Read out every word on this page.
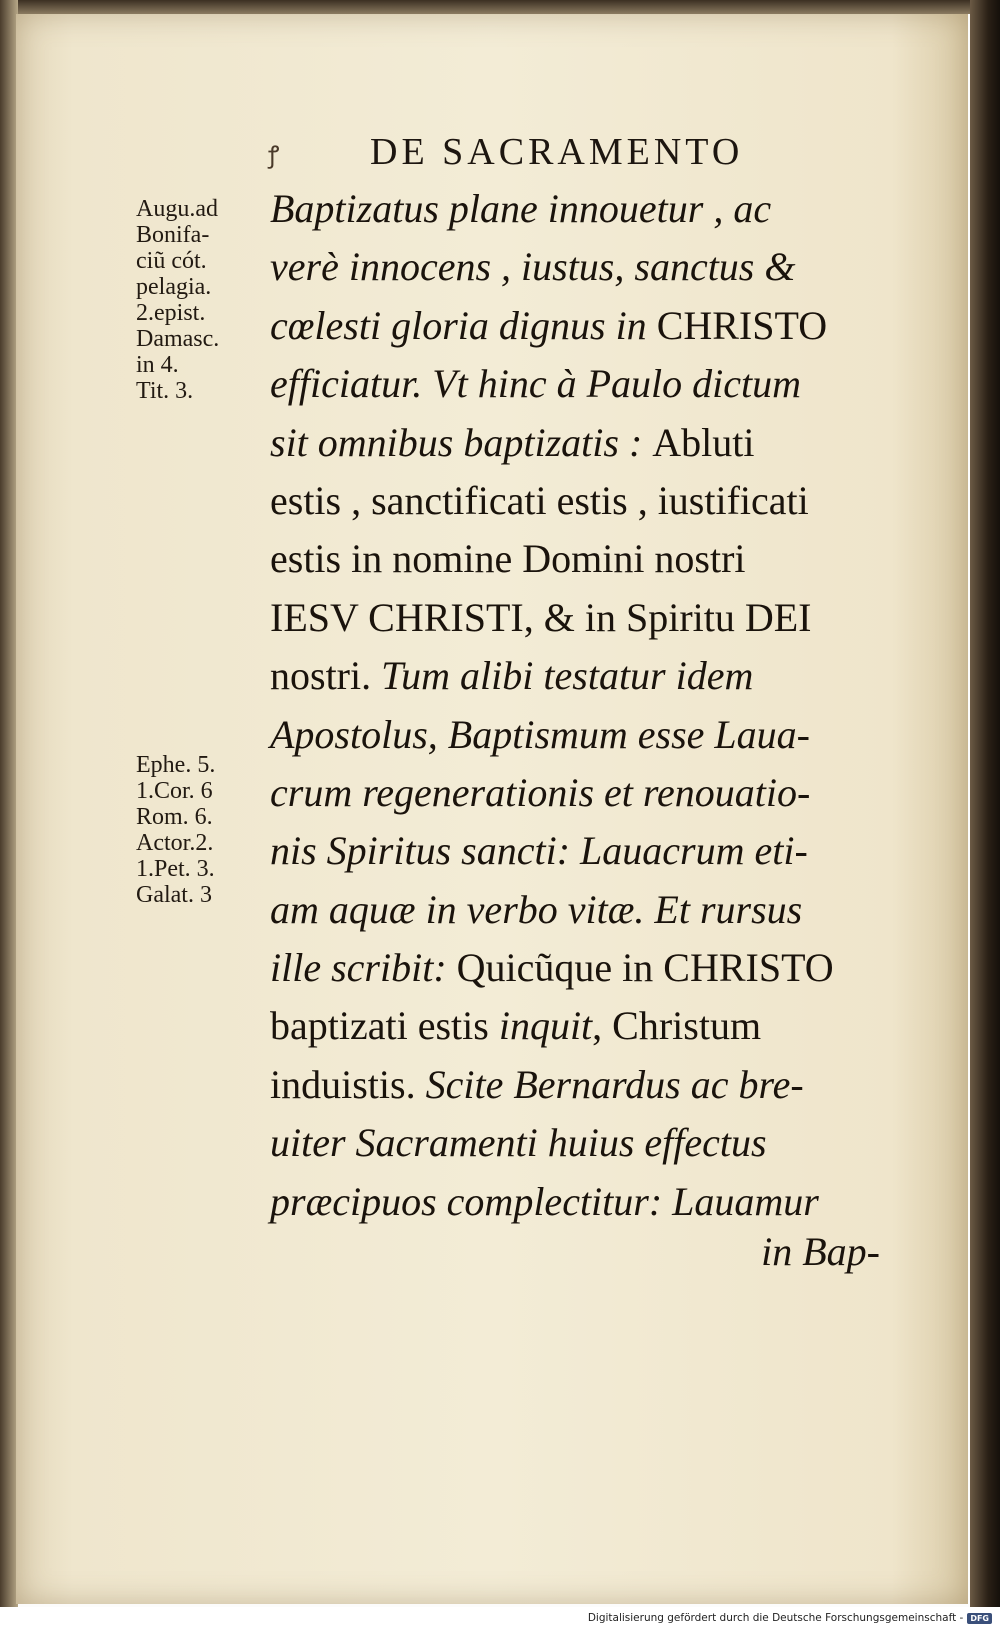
ꝭ DE SACRAMENTO
Augu.ad
Bonifa-
ciũ cót.
pelagia.
2.epist.
Damasc.
in 4.
Tit. 3.
Ephe. 5.
1.Cor. 6
Rom. 6.
Actor.2.
1.Pet. 3.
Galat. 3
Baptizatus plane innouetur , ac
verè innocens , iustus, sanctus &
cœlesti gloria dignus in CHRISTO
efficiatur. Vt hinc à Paulo dictum
sit omnibus baptizatis : Abluti
estis , sanctificati estis , iustificati
estis in nomine Domini nostri
IESV CHRISTI, & in Spiritu DEI
nostri. Tum alibi testatur idem
Apostolus, Baptismum esse Laua-
crum regenerationis et renouatio-
nis Spiritus sancti: Lauacrum eti-
am aquæ in verbo vitæ. Et rursus
ille scribit: Quicũque in CHRISTO
baptizati estis inquit, Christum
induistis. Scite Bernardus ac bre-
uiter Sacramenti huius effectus
præcipuos complectitur: Lauamur
in Bap-
Digitalisierung gefördert durch die Deutsche Forschungsgemeinschaft - DFG
